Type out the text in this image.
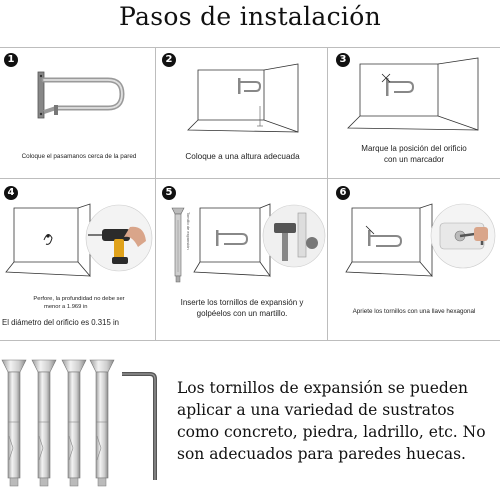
Pasos de instalación
1
Coloque el pasamanos cerca de la pared
2
Coloque a una altura adecuada
3
Marque la posición del orificio
con un marcador
4
Perfore, la profundidad no debe ser
menor a 1.969 in
El diámetro del orificio es 0.315 in
5
Tornillo de expansión
Inserte los tornillos de expansión y
golpéelos con un martillo.
6
Apriete los tornillos con una llave hexagonal
Los tornillos de expansión se pueden
aplicar a una variedad de sustratos
como concreto, piedra, ladrillo, etc. No
son adecuados para paredes huecas.
